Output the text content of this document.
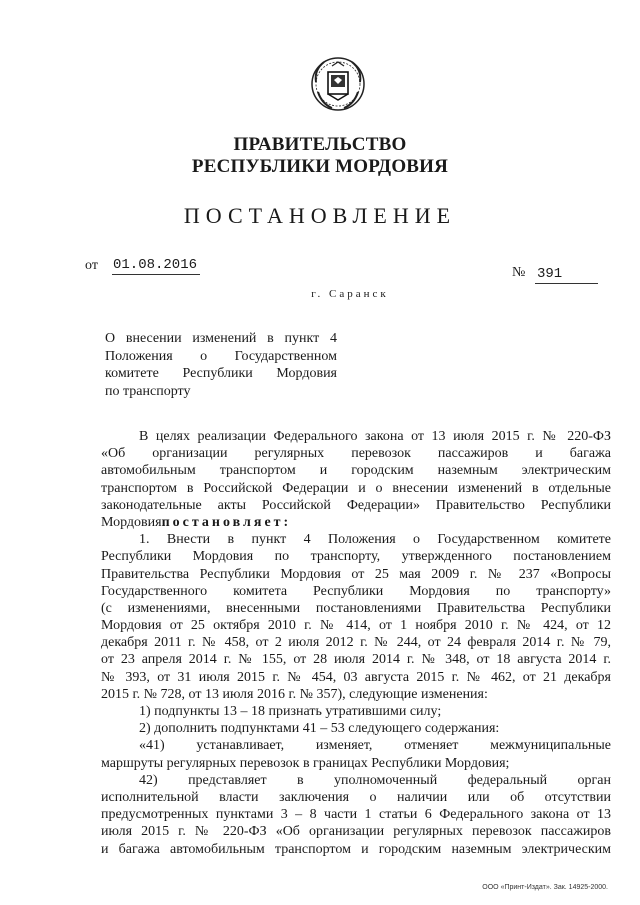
ПРАВИТЕЛЬСТВО
РЕСПУБЛИКИ МОРДОВИЯ
ПОСТАНОВЛЕНИЕ
от 01.08.2016	№ 391
г. Саранск
О внесении изменений в пункт 4
Положения о Государственном
комитете Республики Мордовия
по транспорту
В целях реализации Федерального закона от 13 июля 2015 г. № 220-ФЗ
«Об организации регулярных перевозок пассажиров и багажа
автомобильным транспортом и городским наземным электрическим
транспортом в Российской Федерации и о внесении изменений в отдельные
законодательные акты Российской Федерации» Правительство Республики
Мордовияпостановляет:
1. Внести в пункт 4 Положения о Государственном комитете
Республики Мордовия по транспорту, утвержденного постановлением
Правительства Республики Мордовия от 25 мая 2009 г. № 237 «Вопросы
Государственного комитета Республики Мордовия по транспорту»
(с изменениями, внесенными постановлениями Правительства Республики
Мордовия от 25 октября 2010 г. № 414, от 1 ноября 2010 г. № 424, от 12
декабря 2011 г. № 458, от 2 июля 2012 г. № 244, от 24 февраля 2014 г. № 79,
от 23 апреля 2014 г. № 155, от 28 июля 2014 г. № 348, от 18 августа 2014 г.
№ 393, от 31 июля 2015 г. № 454, 03 августа 2015 г. № 462, от 21 декабря
2015 г. № 728, от 13 июля 2016 г. № 357), следующие изменения:
1) подпункты 13 – 18 признать утратившими силу;
2) дополнить подпунктами 41 – 53 следующего содержания:
«41) устанавливает, изменяет, отменяет межмуниципальные
маршруты регулярных перевозок в границах Республики Мордовия;
42) представляет в уполномоченный федеральный орган
исполнительной власти заключения о наличии или об отсутствии
предусмотренных пунктами 3 – 8 части 1 статьи 6 Федерального закона от 13
июля 2015 г. № 220-ФЗ «Об организации регулярных перевозок пассажиров
и багажа автомобильным транспортом и городским наземным электрическим
ООО «Принт-Издат». Зак. 14925-2000.
